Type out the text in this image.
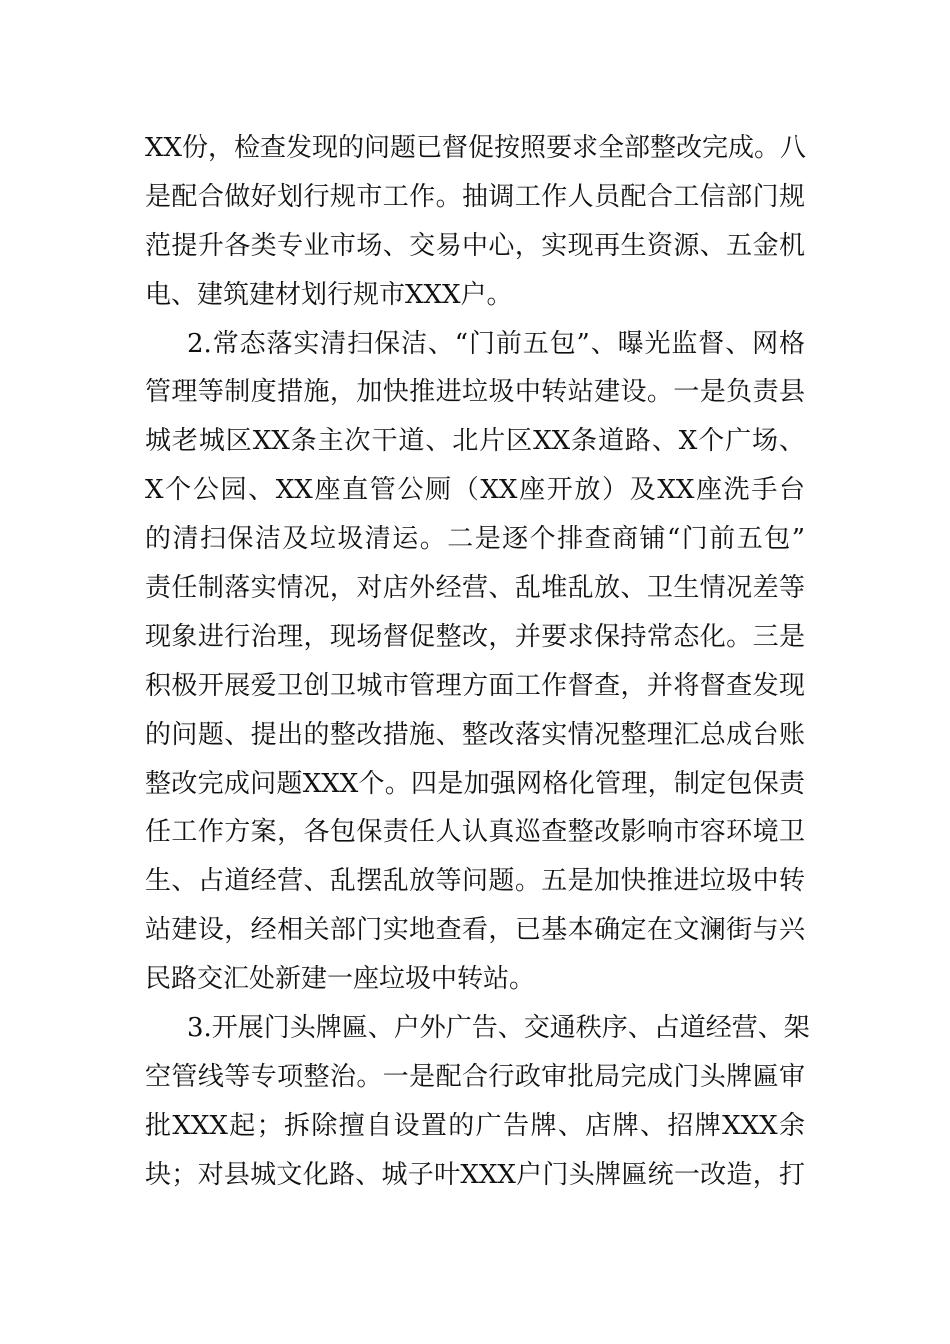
XX份，检查发现的问题已督促按照要求全部整改完成。八
是配合做好划行规市工作。抽调工作人员配合工信部门规
范提升各类专业市场、交易中心，实现再生资源、五金机
电、建筑建材划行规市XXX户。
2.常态落实清扫保洁、“门前五包”、曝光监督、网格
管理等制度措施，加快推进垃圾中转站建设。一是负责县
城老城区XX条主次干道、北片区XX条道路、X个广场、
X个公园、XX座直管公厕（XX座开放）及XX座洗手台
的清扫保洁及垃圾清运。二是逐个排查商铺“门前五包”
责任制落实情况，对店外经营、乱堆乱放、卫生情况差等
现象进行治理，现场督促整改，并要求保持常态化。三是
积极开展爱卫创卫城市管理方面工作督查，并将督查发现
的问题、提出的整改措施、整改落实情况整理汇总成台账
整改完成问题XXX个。四是加强网格化管理，制定包保责
任工作方案，各包保责任人认真巡查整改影响市容环境卫
生、占道经营、乱摆乱放等问题。五是加快推进垃圾中转
站建设，经相关部门实地查看，已基本确定在文澜街与兴
民路交汇处新建一座垃圾中转站。
3.开展门头牌匾、户外广告、交通秩序、占道经营、架
空管线等专项整治。一是配合行政审批局完成门头牌匾审
批XXX起；拆除擅自设置的广告牌、店牌、招牌XXX余
块；对县城文化路、城子叶XXX户门头牌匾统一改造，打
